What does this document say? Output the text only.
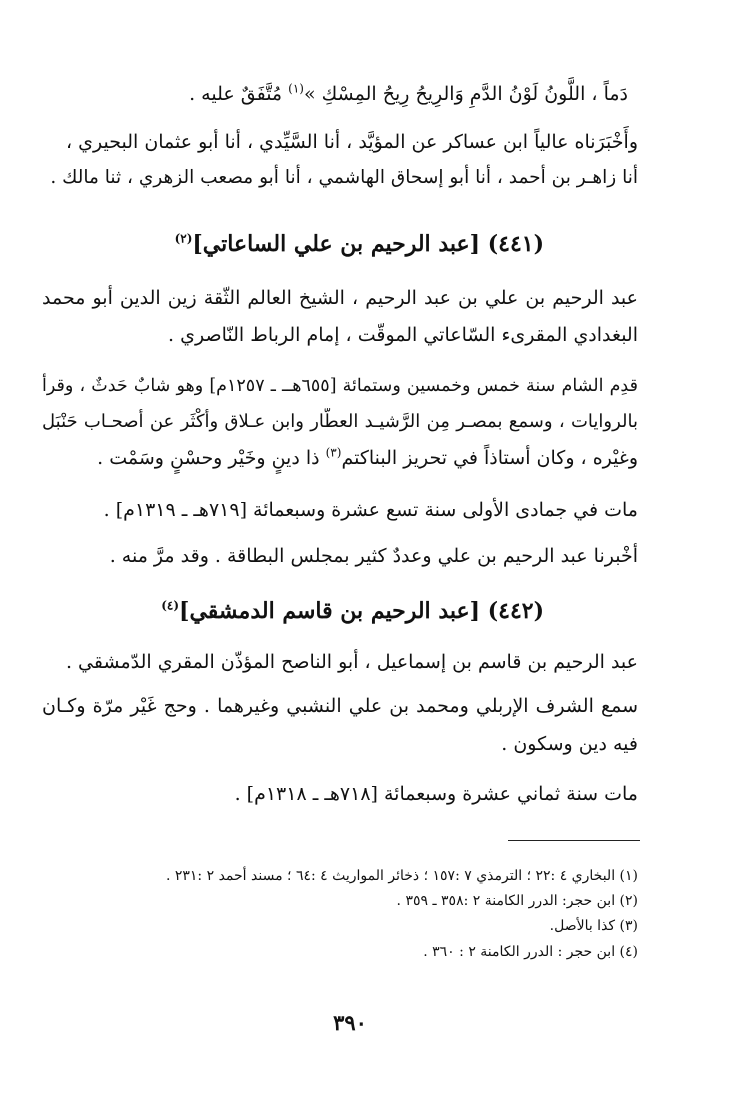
دَماً ، اللَّونُ لَوْنُ الدَّمِ وَالرِيحُ رِيحُ المِسْكِ »$^{(١)}$ مُتَّفَقٌ عليه .
وأَخْبَرَناه عالياً ابن عساكر عن المؤيَّد ، أنا السَّيِّدي ، أنا أبو عثمان البحيري ،
أنا زاهـر بن أحمد ، أنا أبو إسحاق الهاشمي ، أنا أبو مصعب الزهري ، ثنا مالك .
(٤٤١) [عبد الرحيم بن علي الساعاتي]$^{(٢)}$
عبد الرحيم بن علي بن عبد الرحيم ، الشيخ العالم الثّقة زين الدين أبو محمد
البغدادي المقرىء السّاعاتي الموقّت ، إمام الرباط النّاصري .
قدِم الشام سنة خمس وخمسين وستمائة [٦٥٥هــ ـ ١٢٥٧م] وهو شابٌ حَدثٌ ، وقرأ
بالروايات ، وسمع بمصـر مِن الرَّشيـد العطَّار وابن عـلاق وأكْثَر عن أصحـاب حَنْبَل
وغيْره ، وكان أستاذاً في تحريز البناكتم$^{(٣)}$ ذا دينٍ وخَيْر وحسْنٍ وسَمْت .
مات في جمادى الأولى سنة تسع عشرة وسبعمائة [٧١٩هـ ـ ١٣١٩م] .
أخْبرنا عبد الرحيم بن علي وعددٌ كثير بمجلس البطاقة . وقد مرَّ منه .
(٤٤٢) [عبد الرحيم بن قاسم الدمشقي]$^{(٤)}$
عبد الرحيم بن قاسم بن إسماعيل ، أبو الناصح المؤذّن المقري الدّمشقي .
سمع الشرف الإربلي ومحمد بن علي النشبي وغيرهما . وحج غَيْر مرّة وكـان
فيه دين وسكون .
مات سنة ثماني عشرة وسبعمائة [٧١٨هـ ـ ١٣١٨م] .
(١) البخاري ٤ :٢٢ ؛ الترمذي ٧ :١٥٧ ؛ ذخائر المواريث ٤ :٦٤ ؛ مسند أحمد ٢ :٢٣١ .
(٢) ابن حجر: الدرر الكامنة ٢ :٣٥٨ ـ ٣٥٩ .
(٣) كذا بالأصل.
(٤) ابن حجر : الدرر الكامنة ٢ : ٣٦٠ .
٣٩٠
